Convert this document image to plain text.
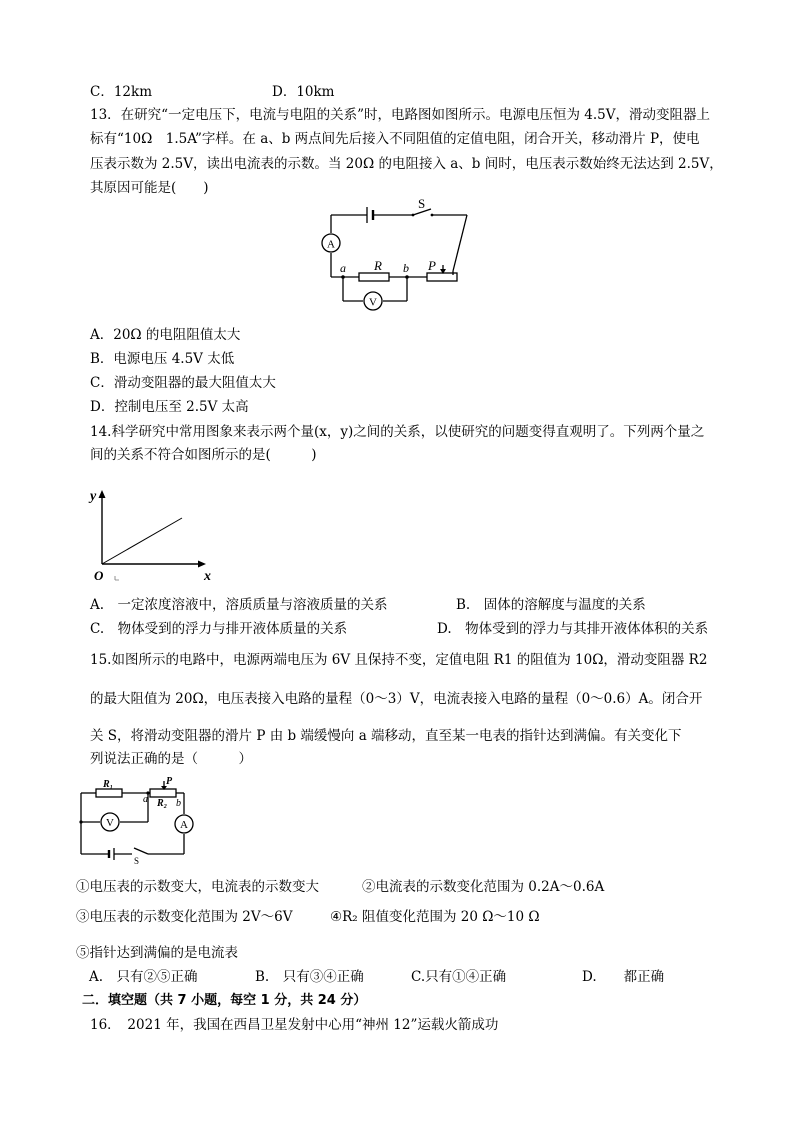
C．12km	D．10km
13．在研究“一定电压下，电流与电阻的关系”时，电路图如图所示。电源电压恒为 4.5V，滑动变阻器上
标有“10Ω　1.5A”字样。在 a、b 两点间先后接入不同阻值的定值电阻，闭合开关，移动滑片 P，使电
压表示数为 2.5V，读出电流表的示数。当 20Ω 的电阻接入 a、b 间时，电压表示数始终无法达到 2.5V，
其原因可能是(　　)
S
A
V
a R b P
A．20Ω 的电阻阻值太大
B．电源电压 4.5V 太低
C．滑动变阻器的最大阻值太大
D．控制电压至 2.5V 太高
14.科学研究中常用图象来表示两个量(x，y)之间的关系，以使研究的问题变得直观明了。下列两个量之
间的关系不符合如图所示的是(　　　)
y
x
O
A.　一定浓度溶液中，溶质质量与溶液质量的关系	B.　固体的溶解度与温度的关系
C.　物体受到的浮力与排开液体质量的关系	D.　物体受到的浮力与其排开液体体积的关系
15.如图所示的电路中，电源两端电压为 6V 且保持不变，定值电阻 R1 的阻值为 10Ω，滑动变阻器 R2
的最大阻值为 20Ω，电压表接入电路的量程（0～3）V，电流表接入电路的量程（0～0.6）A。闭合开
关 S，将滑动变阻器的滑片 P 由 b 端缓慢向 a 端移动，直至某一电表的指针达到满偏。有关变化下
列说法正确的是（　　　）
R₁
R₂
P
a	b
V	A
S
①电压表的示数变大，电流表的示数变大	②电流表的示数变化范围为 0.2A～0.6A
③电压表的示数变化范围为 2V～6V	④R₂ 阻值变化范围为 20 Ω～10 Ω
⑤指针达到满偏的是电流表
A.　只有②⑤正确	B.　只有③④正确	C.只有①④正确	D.　　都正确
二．填空题（共 7 小题，每空 1 分，共 24 分）
16．　2021 年，我国在西昌卫星发射中心用“神州 12”运载火箭成功
